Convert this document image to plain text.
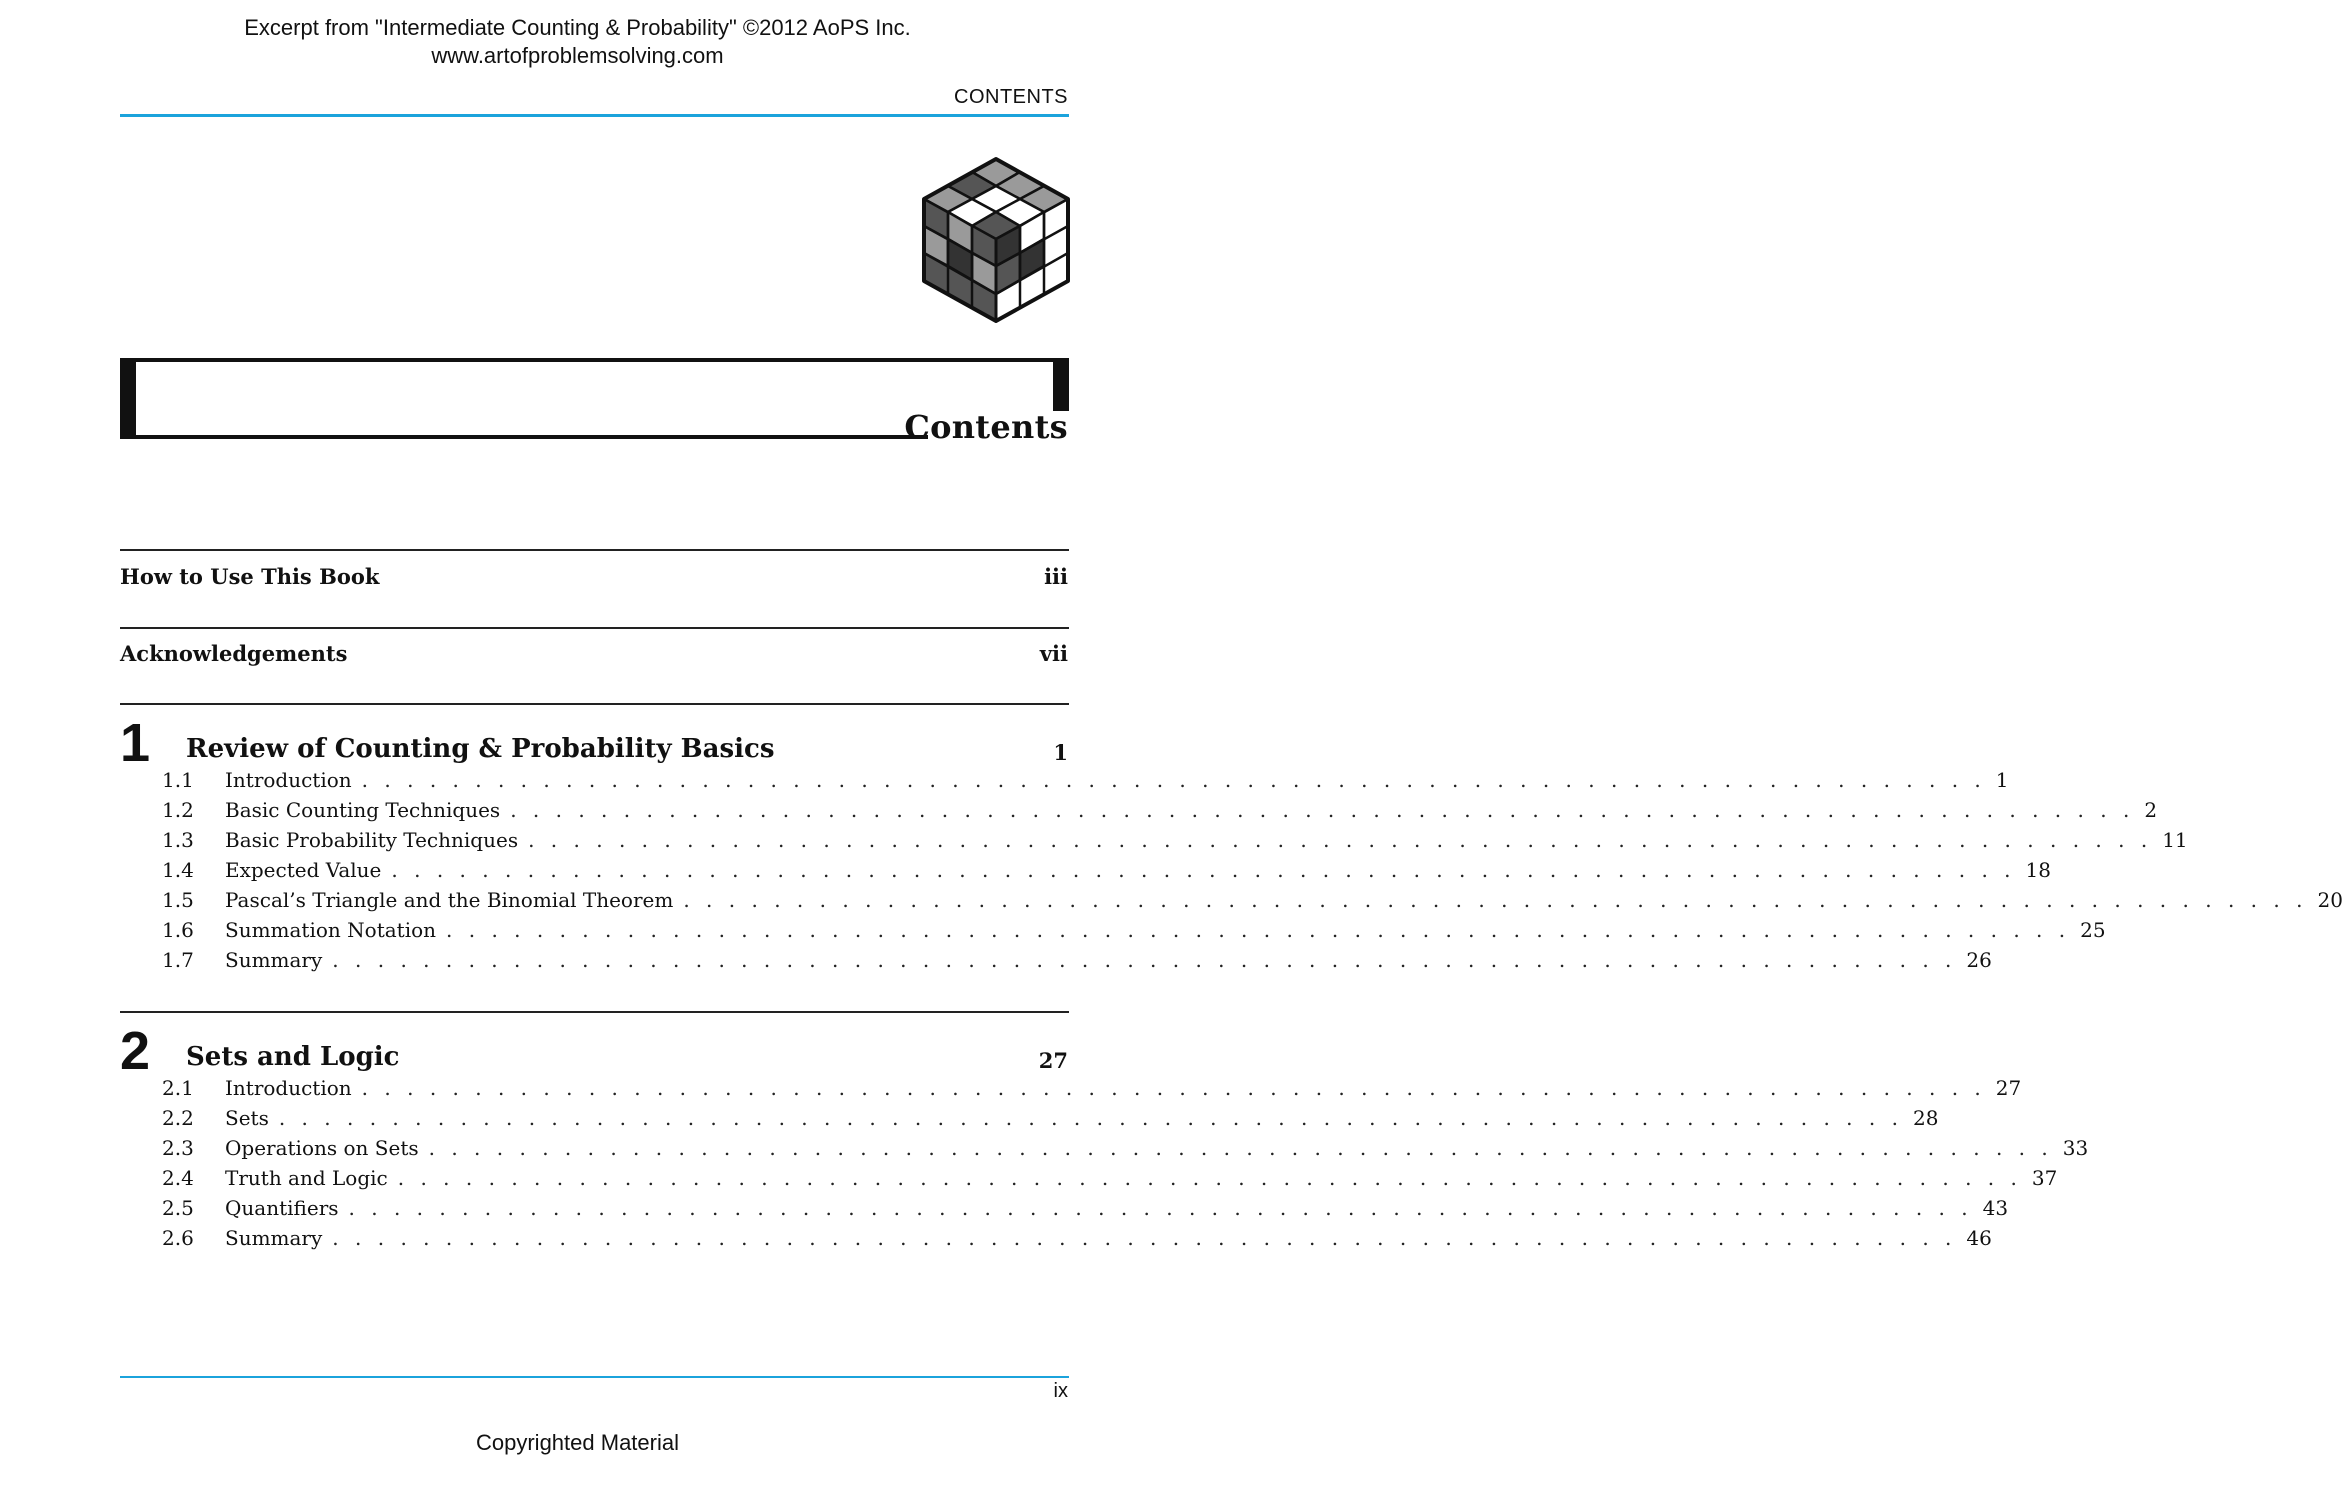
Excerpt from "Intermediate Counting & Probability" ©2012 AoPS Inc.
www.artofproblemsolving.com
CONTENTS
Contents
How to Use This Book	iii
Acknowledgements	vii
1 Review of Counting & Probability Basics	1
1.1	Introduction . . . . . . . . . . . . . . . . . . . . . . . . . . . . . . . . . . . . . . . . . . . . . . . . . . . . . . . . . . . . . . . . . . . . . . . . 1
1.2	Basic Counting Techniques . . . . . . . . . . . . . . . . . . . . . . . . . . . . . . . . . . . . . . . . . . . . . . . . . . . . . . . . . . . . . . . . . . . . . . . . 2
1.3	Basic Probability Techniques . . . . . . . . . . . . . . . . . . . . . . . . . . . . . . . . . . . . . . . . . . . . . . . . . . . . . . . . . . . . . . . . . . . . . . . . 11
1.4	Expected Value . . . . . . . . . . . . . . . . . . . . . . . . . . . . . . . . . . . . . . . . . . . . . . . . . . . . . . . . . . . . . . . . . . . . . . . . 18
1.5	Pascal’s Triangle and the Binomial Theorem . . . . . . . . . . . . . . . . . . . . . . . . . . . . . . . . . . . . . . . . . . . . . . . . . . . . . . . . . . . . . . . . . . . . . . . . 20
1.6	Summation Notation . . . . . . . . . . . . . . . . . . . . . . . . . . . . . . . . . . . . . . . . . . . . . . . . . . . . . . . . . . . . . . . . . . . . . . . . 25
1.7	Summary . . . . . . . . . . . . . . . . . . . . . . . . . . . . . . . . . . . . . . . . . . . . . . . . . . . . . . . . . . . . . . . . . . . . . . . . 26
2 Sets and Logic	27
2.1	Introduction . . . . . . . . . . . . . . . . . . . . . . . . . . . . . . . . . . . . . . . . . . . . . . . . . . . . . . . . . . . . . . . . . . . . . . . . 27
2.2	Sets . . . . . . . . . . . . . . . . . . . . . . . . . . . . . . . . . . . . . . . . . . . . . . . . . . . . . . . . . . . . . . . . . . . . . . . . 28
2.3	Operations on Sets . . . . . . . . . . . . . . . . . . . . . . . . . . . . . . . . . . . . . . . . . . . . . . . . . . . . . . . . . . . . . . . . . . . . . . . . 33
2.4	Truth and Logic . . . . . . . . . . . . . . . . . . . . . . . . . . . . . . . . . . . . . . . . . . . . . . . . . . . . . . . . . . . . . . . . . . . . . . . . 37
2.5	Quantifiers . . . . . . . . . . . . . . . . . . . . . . . . . . . . . . . . . . . . . . . . . . . . . . . . . . . . . . . . . . . . . . . . . . . . . . . . 43
2.6	Summary . . . . . . . . . . . . . . . . . . . . . . . . . . . . . . . . . . . . . . . . . . . . . . . . . . . . . . . . . . . . . . . . . . . . . . . . 46
ix
Copyrighted Material
